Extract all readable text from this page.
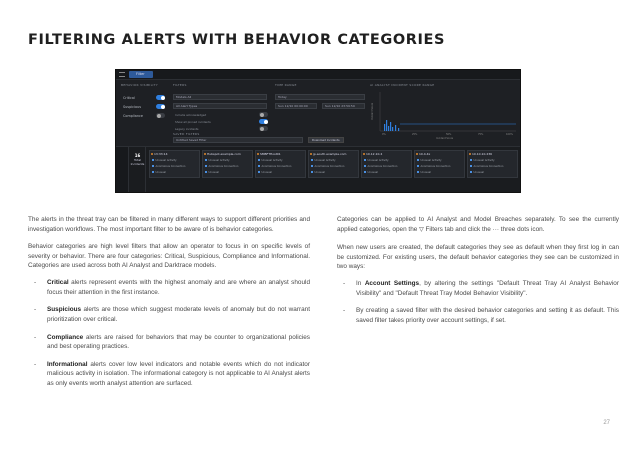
FILTERING ALERTS WITH BEHAVIOR CATEGORIES
Filter
BEHAVIOR VISIBILITY	FILTERS	TIME RANGE	AI ANALYST INCIDENT SCORE RANGE
Critical
Suspicious
Compliance
Models All
All Alert Types
Include acknowledged
Show all pinned incidents
Legacy incidents
SAVED FILTERS
Untitled Saved Filter	Download Incidents
Today
Sun 12/10 00:00:00	Sun 12/10 23:59:59	Incident Score
0%	25%	50%	75%	100%
Incident Score
16
Total Incidents
13:33:14
Unusual Activity
Anomalous Connection
Unusual
Hubspot.example.com
Unusual Activity
Anomalous Connection
Unusual
SMBFTHost01
Unusual Activity
Anomalous Connection
Unusual
jp-south.example.com
Unusual Activity
Anomalous Connection
Unusual
10.12.10.4
Unusual Activity
Anomalous Connection
Unusual
10.4.4x
Unusual Activity
Anomalous Connection
Unusual
10.10.10.236
Unusual Activity
Anomalous Connection
Unusual

The alerts in the threat tray can be filtered in many different ways to support different priorities and investigation workflows. The most important filter to be aware of is behavior categories.

Behavior categories are high level filters that allow an operator to focus in on specific levels of severity or behavior. There are four categories: Critical, Suspicious, Compliance and Informational. Categories are used across both AI Analyst and Darktrace models.

- Critical alerts represent events with the highest anomaly and are where an analyst should focus their attention in the first instance.
- Suspicious alerts are those which suggest moderate levels of anomaly but do not warrant prioritization over critical.
- Compliance alerts are raised for behaviors that may be counter to organizational policies and best operating practices.
- Informational alerts cover low level indicators and notable events which do not indicator malicious activity in isolation. The informational category is not applicable to AI Analyst alerts as only events worth analyst attention are surfaced.

Categories can be applied to AI Analyst and Model Breaches separately. To see the currently applied categories, open the ▽ Filters tab and click the ··· three dots icon.

When new users are created, the default categories they see as default when they first log in can be customized. For existing users, the default behavior categories they see can be customized in two ways:

- In Account Settings, by altering the settings "Default Threat Tray AI Analyst Behavior Visibility" and "Default Threat Tray Model Behavior Visibility".
- By creating a saved filter with the desired behavior categories and setting it as default. This saved filter takes priority over account settings, if set.
27
